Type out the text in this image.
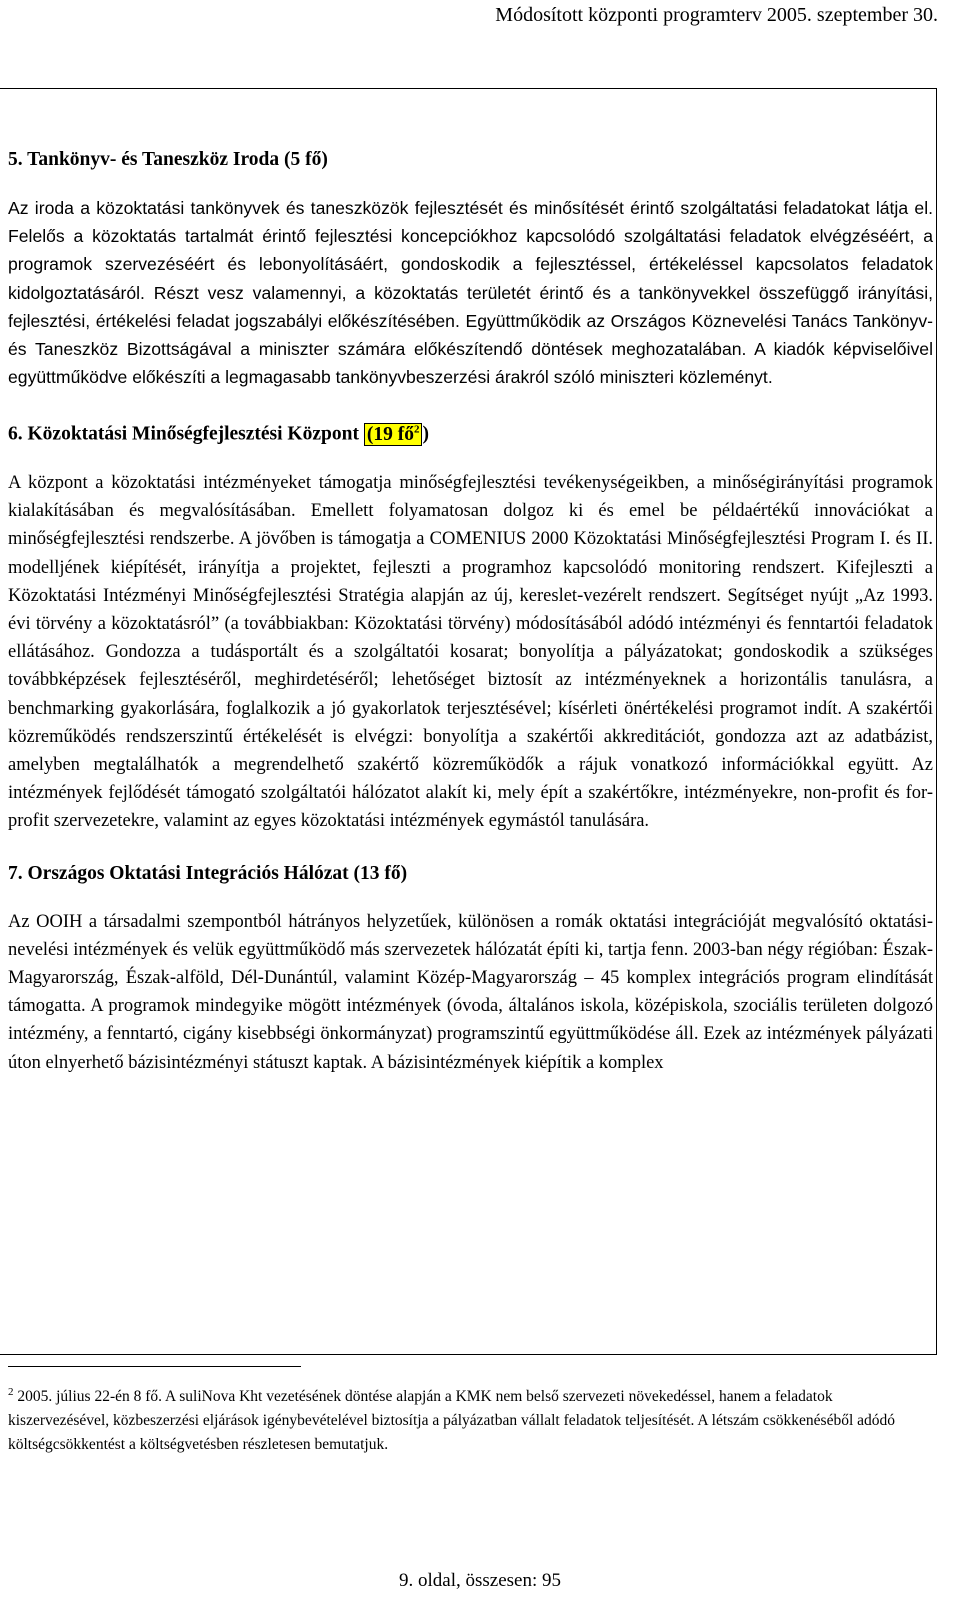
Módosított központi programterv 2005. szeptember 30.
5. Tankönyv- és Taneszköz Iroda (5 fő)

Az iroda a közoktatási tankönyvek és taneszközök fejlesztését és minősítését érintő szolgáltatási feladatokat látja el. Felelős a közoktatás tartalmát érintő fejlesztési koncepciókhoz kapcsolódó szolgáltatási feladatok elvégzéséért, a programok szervezéséért és lebonyolításáért, gondoskodik a fejlesztéssel, értékeléssel kapcsolatos feladatok kidolgoztatásáról. Részt vesz valamennyi, a közoktatás területét érintő és a tankönyvekkel összefüggő irányítási, fejlesztési, értékelési feladat jogszabályi előkészítésében. Együttműködik az Országos Köznevelési Tanács Tankönyv- és Taneszköz Bizottságával a miniszter számára előkészítendő döntések meghozatalában. A kiadók képviselőivel együttműködve előkészíti a legmagasabb tankönyvbeszerzési árakról szóló miniszteri közleményt.

6. Közoktatási Minőségfejlesztési Központ (19 $fő^2$ )

A központ a közoktatási intézményeket támogatja minőségfejlesztési tevékenységeikben, a minőségirányítási programok kialakításában és megvalósításában. Emellett folyamatosan dolgoz ki és emel be példaértékű innovációkat a minőségfejlesztési rendszerbe. A jövőben is támogatja a COMENIUS 2000 Közoktatási Minőségfejlesztési Program I. és II. modelljének kiépítését, irányítja a projektet, fejleszti a programhoz kapcsolódó monitoring rendszert. Kifejleszti a Közoktatási Intézményi Minőségfejlesztési Stratégia alapján az új, kereslet-vezérelt rendszert. Segítséget nyújt „Az 1993. évi törvény a közoktatásról” (a továbbiakban: Közoktatási törvény) módosításából adódó intézményi és fenntartói feladatok ellátásához. Gondozza a tudásportált és a szolgáltatói kosarat; bonyolítja a pályázatokat; gondoskodik a szükséges továbbképzések fejlesztéséről, meghirdetéséről; lehetőséget biztosít az intézményeknek a horizontális tanulásra, a benchmarking gyakorlására, foglalkozik a jó gyakorlatok terjesztésével; kísérleti önértékelési programot indít. A szakértői közreműködés rendszerszintű értékelését is elvégzi: bonyolítja a szakértői akkreditációt, gondozza azt az adatbázist, amelyben megtalálhatók a megrendelhető szakértő közreműködők a rájuk vonatkozó információkkal együtt. Az intézmények fejlődését támogató szolgáltatói hálózatot alakít ki, mely épít a szakértőkre, intézményekre, non-profit és for-profit szervezetekre, valamint az egyes közoktatási intézmények egymástól tanulására.

7. Országos Oktatási Integrációs Hálózat (13 fő)

Az OOIH a társadalmi szempontból hátrányos helyzetűek, különösen a romák oktatási integrációját megvalósító oktatási-nevelési intézmények és velük együttműködő más szervezetek hálózatát építi ki, tartja fenn. 2003-ban négy régióban: Észak-Magyarország, Észak-alföld, Dél-Dunántúl, valamint Közép-Magyarország – 45 komplex integrációs program elindítását támogatta. A programok mindegyike mögött intézmények (óvoda, általános iskola, középiskola, szociális területen dolgozó intézmény, a fenntartó, cigány kisebbségi önkormányzat) programszintű együttműködése áll. Ezek az intézmények pályázati úton elnyerhető bázisintézményi státuszt kaptak. A bázisintézmények kiépítik a komplex

$^2$ 2005. július 22-én 8 fő. A suliNova Kht vezetésének döntése alapján a KMK nem belső szervezeti növekedéssel, hanem a feladatok kiszervezésével, közbeszerzési eljárások igénybevételével biztosítja a pályázatban vállalt feladatok teljesítését. A létszám csökkenéséből adódó költségcsökkentést a költségvetésben részletesen bemutatjuk.
9. oldal, összesen: 95
